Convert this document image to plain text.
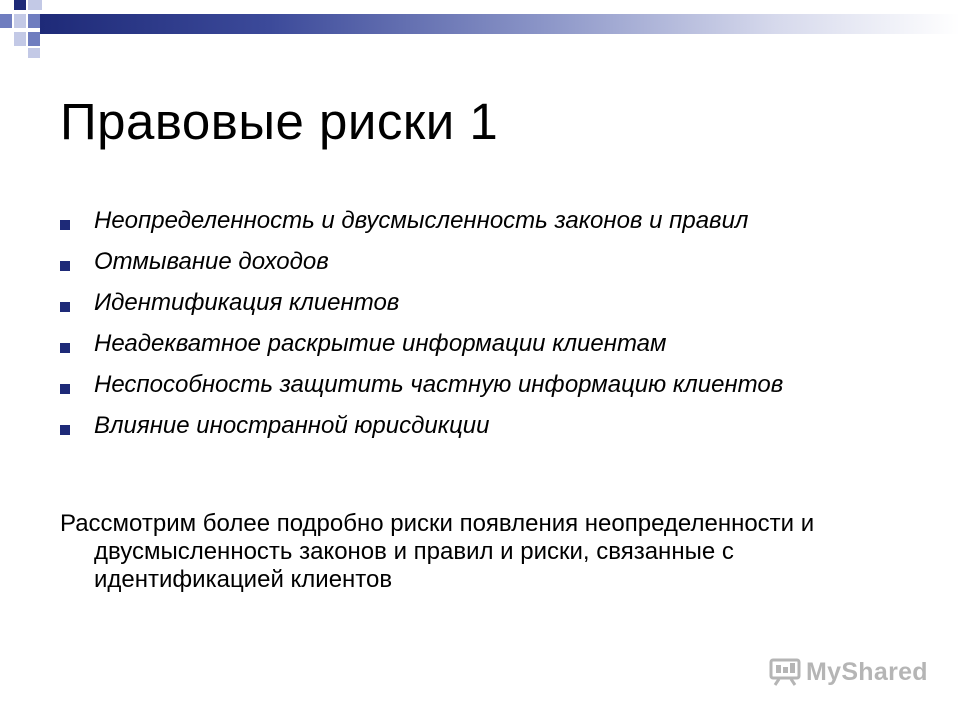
Правовые риски 1
Неопределенность и двусмысленность законов и правил
Отмывание доходов
Идентификация клиентов
Неадекватное раскрытие информации клиентам
Неспособность защитить частную информацию клиентов
Влияние иностранной юрисдикции

Рассмотрим более подробно риски появления неопределенности и двусмысленность законов и правил и риски, связанные с идентификацией клиентов

MyShared
